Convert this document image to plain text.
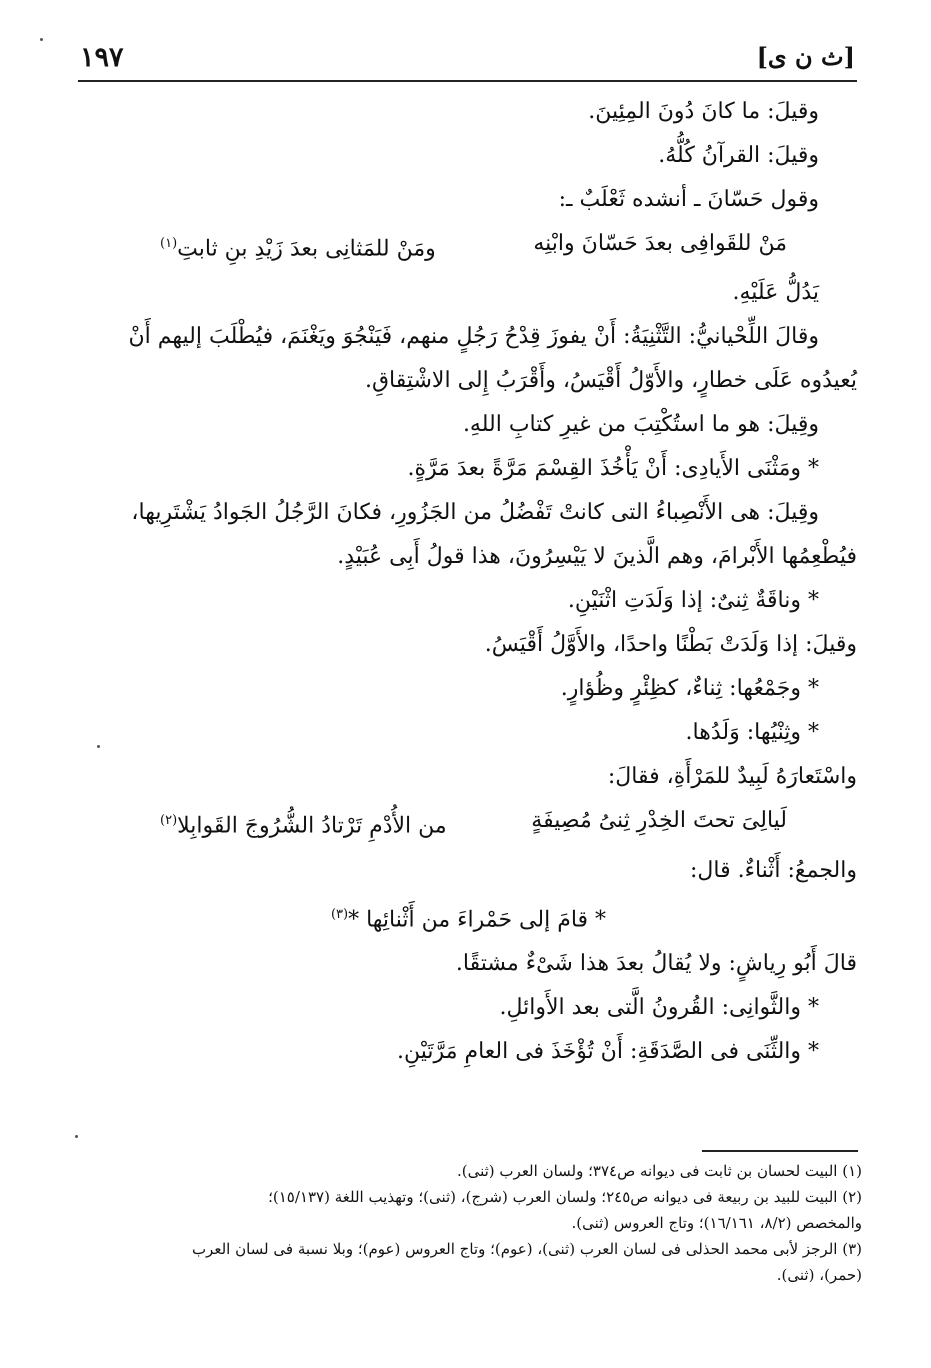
١٩٧	[ث ن ى]
وقيلَ: ما كانَ دُونَ المِئِينَ.
وقيلَ: القرآنُ كُلُّهُ.
وقول حَسّانَ ـ أنشده ثَعْلَبٌ ـ:
مَنْ للقَوافِى بعدَ حَسّانَ وابْنِه
ومَنْ للمَثانِى بعدَ زَيْدِ بنِ ثابتِ$^{(١)}$
يَدُلُّ عَلَيْهِ.
وقالَ اللِّحْيانيُّ: التَّثْنِيَةُ: أَنْ يفوزَ قِدْحُ رَجُلٍ منهم، فَيَنْجُوَ ويَغْنَمَ، فيُطْلَبَ إليهم أَنْ
يُعيدُوه عَلَى خطارٍ، والأَوّلُ أَقْيَسُ، وأَقْرَبُ إِلى الاشْتِقاقِ.
وقِيلَ: هو ما استُكْتِبَ من غيرِ كتابِ اللهِ.
* ومَثْنَى الأَيادِى: أَنْ يَأْخُذَ القِسْمَ مَرَّةً بعدَ مَرَّةٍ.
وقِيلَ: هى الأَنْصِباءُ التى كانتْ تَفْضُلُ من الجَزُورِ، فكانَ الرَّجُلُ الجَوادُ يَشْتَرِيها،
فيُطْعِمُها الأَبْرامَ، وهم الَّذينَ لا يَيْسِرُونَ، هذا قولُ أَبِى عُبَيْدٍ.
* وناقَةٌ ثِنىٌ: إذا وَلَدَتِ اثْنَيْنِ.
وقيلَ: إذا وَلَدَتْ بَطْنًا واحدًا، والأَوَّلُ أَقْيَسُ.
* وجَمْعُها: ثِناءٌ، كظِئْرٍ وظُؤارٍ.
* وثِنْيُها: وَلَدُها.
واسْتَعارَهُ لَبِيدٌ للمَرْأَةِ، فقالَ:
لَيالِىَ تحتَ الخِدْرِ ثِنىُ مُصِيفَةٍ
من الأُدْمِ تَرْتادُ الشُّرُوجَ القَوابِلا$^{(٢)}$
والجمعُ: أَثْناءٌ. قال:
* قامَ إلى حَمْراءَ من أَثْنائِها *$^{(٣)}$
قالَ أَبُو رِياشٍ: ولا يُقالُ بعدَ هذا شَىْءٌ مشتقًا.
* والثَّوانِى: القُرونُ الَّتى بعد الأَوائلِ.
* والثِّنَى فى الصَّدَقَةِ: أَنْ تُؤْخَذَ فى العامِ مَرَّتَيْنِ.
(١) البيت لحسان بن ثابت فى ديوانه ص٣٧٤؛ ولسان العرب (ثنى).
(٢) البيت للبيد بن ربيعة فى ديوانه ص٢٤٥؛ ولسان العرب (شرج)، (ثنى)؛ وتهذيب اللغة (١٥/١٣٧)؛
والمخصص (٨/٢، ١٦/١٦١)؛ وتاج العروس (ثنى).
(٣) الرجز لأبى محمد الحذلى فى لسان العرب (ثنى)، (عوم)؛ وتاج العروس (عوم)؛ وبلا نسبة فى لسان العرب
(حمر)، (ثنى).
